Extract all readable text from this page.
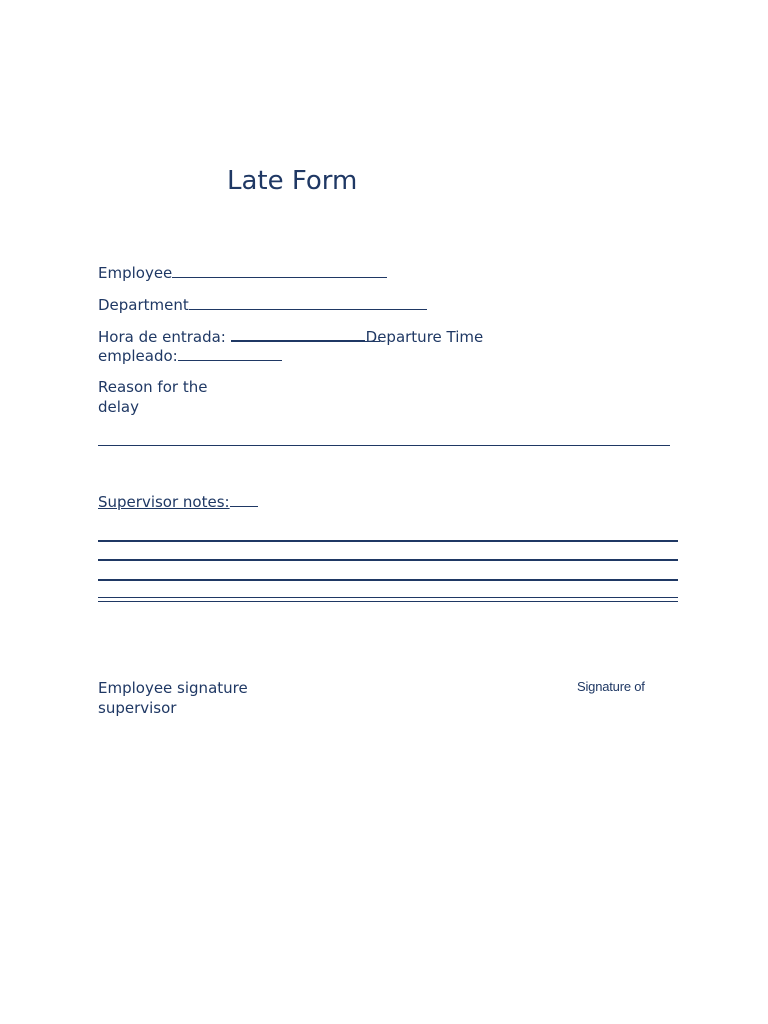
Late Form
Employee
Department
Hora de entrada:	Departure Time
empleado:
Reason for the
delay
Supervisor notes:
Employee signature
supervisor
Signature of
